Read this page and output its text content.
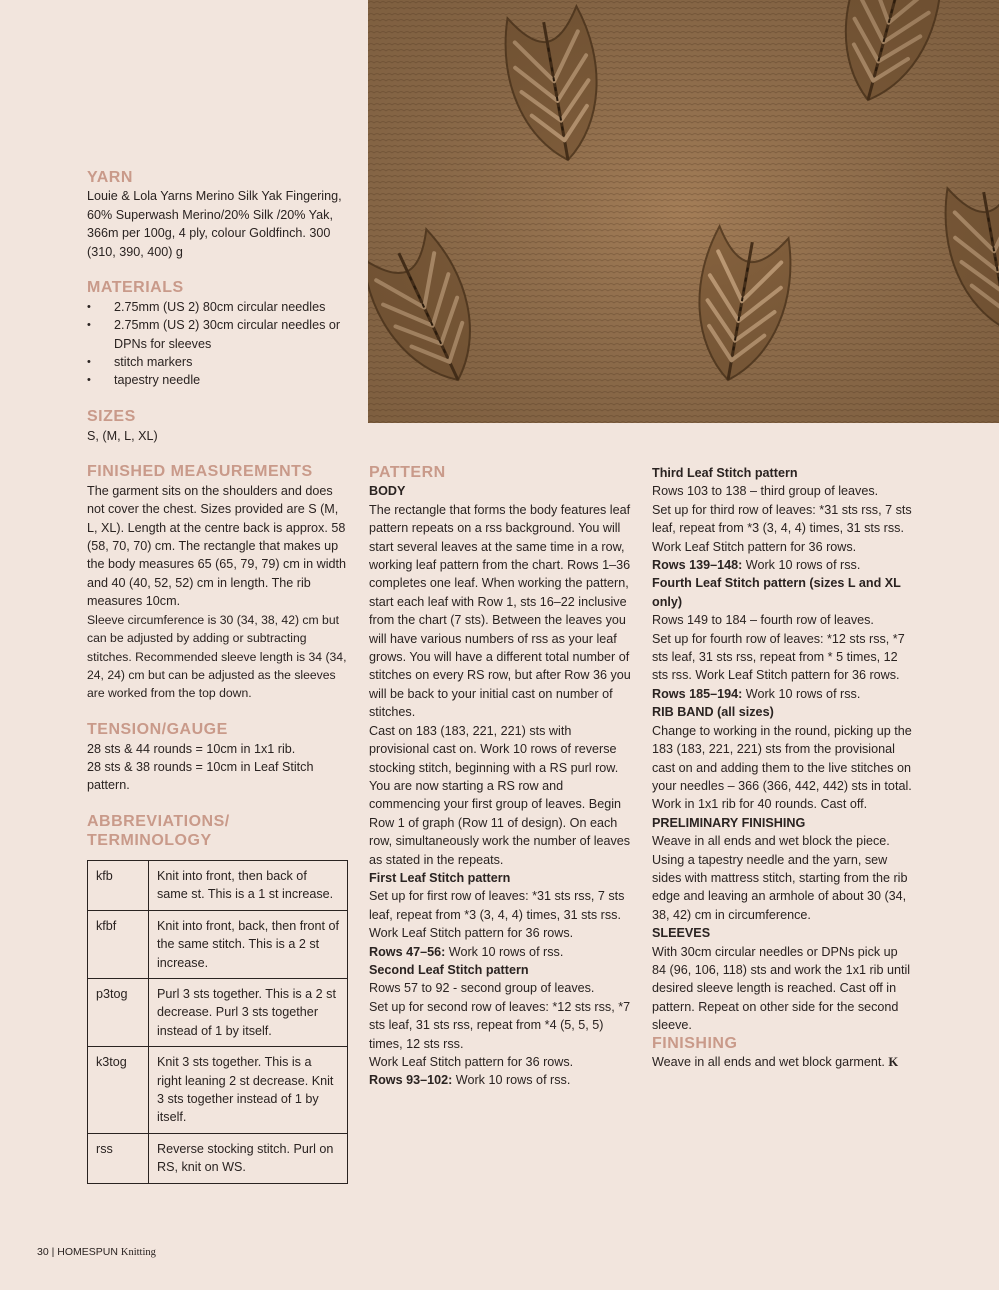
YARN

Louie & Lola Yarns Merino Silk Yak Fingering, 60% Superwash Merino/20% Silk /20% Yak, 366m per 100g, 4 ply, colour Goldfinch. 300 (310, 390, 400) g

MATERIALS
• 2.75mm (US 2) 80cm circular needles
• 2.75mm (US 2) 30cm circular needles or DPNs for sleeves
• stitch markers
• tapestry needle
SIZES

S, (M, L, XL)

FINISHED MEASUREMENTS

The garment sits on the shoulders and does not cover the chest. Sizes provided are S (M, L, XL). Length at the centre back is approx. 58 (58, 70, 70) cm. The rectangle that makes up the body measures 65 (65, 79, 79) cm in width and 40 (40, 52, 52) cm in length. The rib measures 10cm.

Sleeve circumference is 30 (34, 38, 42) cm but can be adjusted by adding or subtracting stitches. Recommended sleeve length is 34 (34, 24, 24) cm but can be adjusted as the sleeves are worked from the top down.

TENSION/GAUGE

28 sts & 44 rounds = 10cm in 1x1 rib.

28 sts & 38 rounds = 10cm in Leaf Stitch pattern.

ABBREVIATIONS/ TERMINOLOGY
kfb	Knit into front, then back of same st. This is a 1 st increase.
kfbf	Knit into front, back, then front of the same stitch. This is a 2 st increase.
p3tog	Purl 3 sts together. This is a 2 st decrease. Purl 3 sts together instead of 1 by itself.
k3tog	Knit 3 sts together. This is a right leaning 2 st decrease. Knit 3 sts together instead of 1 by itself.
rss	Reverse stocking stitch. Purl on RS, knit on WS.
PATTERN

BODY

The rectangle that forms the body features leaf pattern repeats on a rss background. You will start several leaves at the same time in a row, working leaf pattern from the chart. Rows 1–36 completes one leaf. When working the pattern, start each leaf with Row 1, sts 16–22 inclusive from the chart (7 sts). Between the leaves you will have various numbers of rss as your leaf grows. You will have a different total number of stitches on every RS row, but after Row 36 you will be back to your initial cast on number of stitches.

Cast on 183 (183, 221, 221) sts with provisional cast on. Work 10 rows of reverse stocking stitch, beginning with a RS purl row.

You are now starting a RS row and commencing your first group of leaves. Begin Row 1 of graph (Row 11 of design). On each row, simultaneously work the number of leaves as stated in the repeats.

First Leaf Stitch pattern

Set up for first row of leaves: *31 sts rss, 7 sts leaf, repeat from *3 (3, 4, 4) times, 31 sts rss.

Work Leaf Stitch pattern for 36 rows.

Rows 47–56: Work 10 rows of rss.

Second Leaf Stitch pattern

Rows 57 to 92 - second group of leaves.

Set up for second row of leaves: *12 sts rss, *7 sts leaf, 31 sts rss, repeat from *4 (5, 5, 5) times, 12 sts rss.

Work Leaf Stitch pattern for 36 rows.

Rows 93–102: Work 10 rows of rss.

Third Leaf Stitch pattern

Rows 103 to 138 – third group of leaves.

Set up for third row of leaves: *31 sts rss, 7 sts leaf, repeat from *3 (3, 4, 4) times, 31 sts rss. Work Leaf Stitch pattern for 36 rows.

Rows 139–148: Work 10 rows of rss.

Fourth Leaf Stitch pattern (sizes L and XL only)

Rows 149 to 184 – fourth row of leaves.

Set up for fourth row of leaves: *12 sts rss, *7 sts leaf, 31 sts rss, repeat from * 5 times, 12 sts rss. Work Leaf Stitch pattern for 36 rows.

Rows 185–194: Work 10 rows of rss.

RIB BAND (all sizes)

Change to working in the round, picking up the 183 (183, 221, 221) sts from the provisional cast on and adding them to the live stitches on your needles – 366 (366, 442, 442) sts in total. Work in 1x1 rib for 40 rounds. Cast off.

PRELIMINARY FINISHING

Weave in all ends and wet block the piece. Using a tapestry needle and the yarn, sew sides with mattress stitch, starting from the rib edge and leaving an armhole of about 30 (34, 38, 42) cm in circumference.

SLEEVES

With 30cm circular needles or DPNs pick up 84 (96, 106, 118) sts and work the 1x1 rib until desired sleeve length is reached. Cast off in pattern. Repeat on other side for the second sleeve.

FINISHING

Weave in all ends and wet block garment. K

30 | HOMESPUN Knitting
